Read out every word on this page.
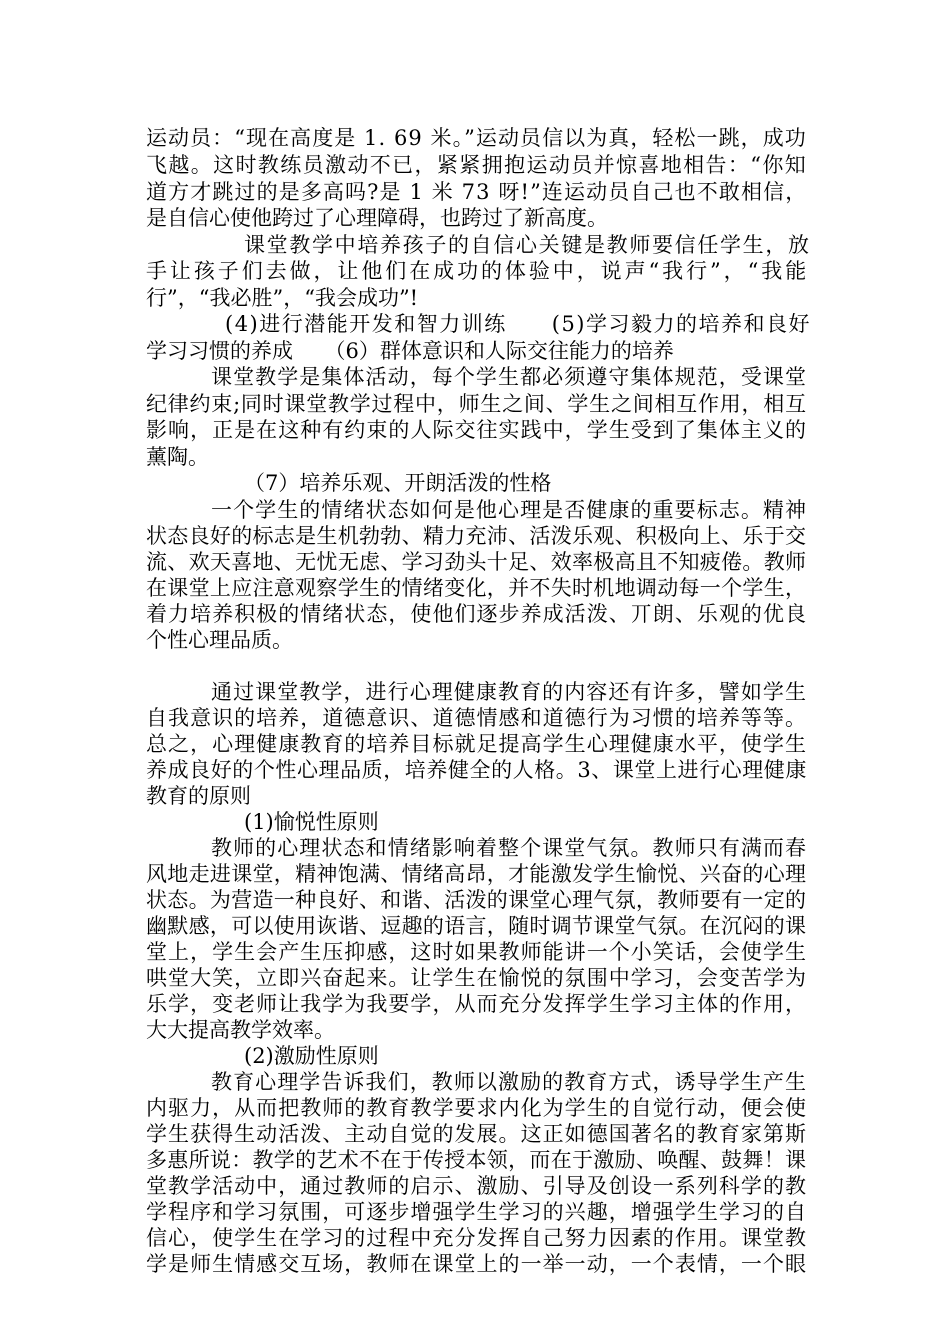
运动员：“现在高度是 1. 69 米。”运动员信以为真，轻松一跳，成功
飞越。这时教练员激动不已，紧紧拥抱运动员并惊喜地相告：“你知
道方才跳过的是多高吗?是 1 米 73 呀!”连运动员自己也不敢相信，
是自信心使他跨过了心理障碍，也跨过了新高度。
课堂教学中培养孩子的自信心关键是教师要信任学生，放
手让孩子们去做，让他们在成功的体验中，说声“我行”，“我能
行”，“我必胜”，“我会成功”!
(4)进行潜能开发和智力训练　　(5)学习毅力的培养和良好
学习习惯的养成　　（6）群体意识和人际交往能力的培养
课堂教学是集体活动，每个学生都必须遵守集体规范，受课堂
纪律约束;同时课堂教学过程中，师生之间、学生之间相互作用，相互
影响，正是在这种有约束的人际交往实践中，学生受到了集体主义的
薰陶。
（7）培养乐观、开朗活泼的性格
一个学生的情绪状态如何是他心理是否健康的重要标志。精神
状态良好的标志是生机勃勃、精力充沛、活泼乐观、积极向上、乐于交
流、欢天喜地、无忧无虑、学习劲头十足、效率极高且不知疲倦。教师
在课堂上应注意观察学生的情绪变化，并不失时机地调动每一个学生，
着力培养积极的情绪状态，使他们逐步养成活泼、丌朗、乐观的优良
个性心理品质。
通过课堂教学，进行心理健康教育的内容还有许多，譬如学生
自我意识的培养，道德意识、道德情感和道德行为习惯的培养等等。
总之，心理健康教育的培养目标就足提高学生心理健康水平，使学生
养成良好的个性心理品质，培养健全的人格。3、课堂上进行心理健康
教育的原则
(1)愉悦性原则
教师的心理状态和情绪影响着整个课堂气氛。教师只有满而春
风地走进课堂，精神饱满、情绪高昂，才能激发学生愉悦、兴奋的心理
状态。为营造一种良好、和谐、活泼的课堂心理气氛，教师要有一定的
幽默感，可以使用诙谐、逗趣的语言，随时调节课堂气氛。在沉闷的课
堂上，学生会产生压抑感，这时如果教师能讲一个小笑话，会使学生
哄堂大笑，立即兴奋起来。让学生在愉悦的氛围中学习，会变苦学为
乐学，变老师让我学为我要学，从而充分发挥学生学习主体的作用，
大大提高教学效率。
(2)激励性原则
教育心理学告诉我们，教师以激励的教育方式，诱导学生产生
内驱力，从而把教师的教育教学要求内化为学生的自觉行动，便会使
学生获得生动活泼、主动自觉的发展。这正如德国著名的教育家第斯
多惠所说：教学的艺术不在于传授本领，而在于激励、唤醒、鼓舞！课
堂教学活动中，通过教师的启示、激励、引导及创设一系列科学的教
学程序和学习氛围，可逐步增强学生学习的兴趣，增强学生学习的自
信心，使学生在学习的过程中充分发挥自己努力因素的作用。课堂教
学是师生情感交互场，教师在课堂上的一举一动，一个表情，一个眼
